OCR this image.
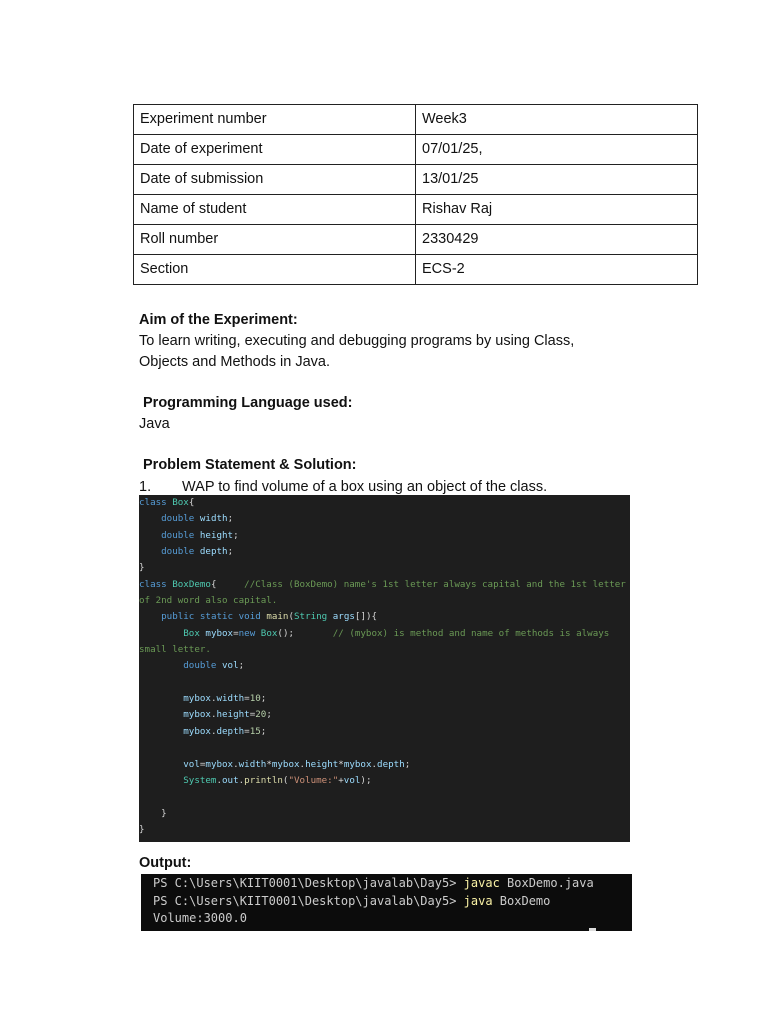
Experiment number	Week3
Date of experiment	07/01/25,
Date of submission	13/01/25
Name of student	Rishav Raj
Roll number	2330429
Section	ECS-2
Aim of the Experiment:
To learn writing, executing and debugging programs by using Class,
Objects and Methods in Java.
Programming Language used:
Java
Problem Statement & Solution:
1. WAP to find volume of a box using an object of the class.
class Box{
double width;
double height;
double depth;
}
class BoxDemo{     //Class (BoxDemo) name's 1st letter always capital and the 1st letter
of 2nd word also capital.
public static void main(String args[]){
Box mybox=new Box();       // (mybox) is method and name of methods is always
small letter.
double vol;
mybox.width=10;
mybox.height=20;
mybox.depth=15;
vol=mybox.width*mybox.height*mybox.depth;
System.out.println("Volume:"+vol);
}
}
Output:
PS C:\Users\KIIT0001\Desktop\javalab\Day5> javac BoxDemo.java
PS C:\Users\KIIT0001\Desktop\javalab\Day5> java BoxDemo
Volume:3000.0
